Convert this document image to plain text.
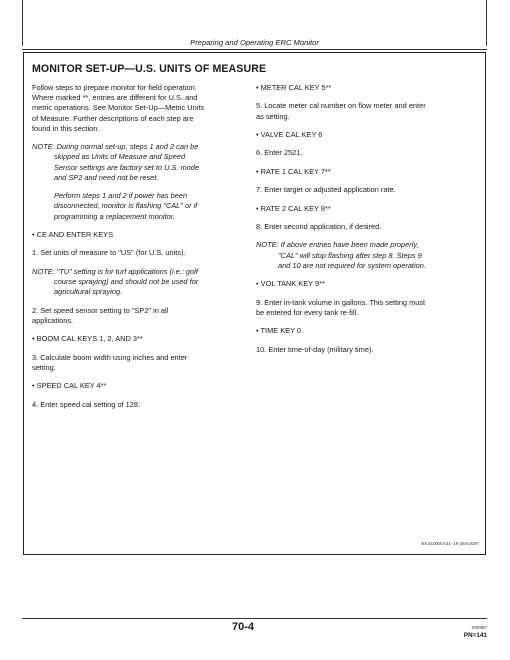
Preparing and Operating ERC Monitor
MONITOR SET-UP—U.S. UNITS OF MEASURE
Follow steps to prepare monitor for field operation.
Where marked **, entries are different for U.S. and
metric operations. See Monitor Set-Up—Metric Units
of Measure. Further descriptions of each step are
found in this section.
NOTE: During normal set-up, steps 1 and 2 can be
skipped as Units of Measure and Speed
Sensor settings are factory set to U.S. mode
and SP2 and need not be reset.
Perform steps 1 and 2 if power has been
disconnected, monitor is flashing "CAL" or if
programming a replacement monitor.
• CE AND ENTER KEYS
1. Set units of measure to "US" (for U.S. units).
NOTE: "TU" setting is for turf applications (i.e.: golf
course spraying) and should not be used for
agricultural spraying.
2. Set speed sensor setting to "SP2" in all
applications.
• BOOM CAL KEYS 1, 2, AND 3**
3. Calculate boom width using inches and enter
setting.
• SPEED CAL KEY 4**
4. Enter speed cal setting of 128.
• METER CAL KEY 5**
5. Locate meter cal number on flow meter and enter
as setting.
• VALVE CAL KEY 6
6. Enter 2521.
• RATE 1 CAL KEY 7**
7. Enter target or adjusted application rate.
• RATE 2 CAL KEY 8**
8. Enter second application, if desired.
NOTE: If above entries have been made properly,
"CAL" will stop flashing after step 8. Steps 9
and 10 are not required for system operation.
• VOL TANK KEY 9**
9. Enter in-tank volume in gallons. This setting must
be entered for every tank re-fill.
• TIME KEY 0
10. Enter time-of-day (military time).
NX,6100M,A34 -19-26AUG97
70-4	080997
PN=141
